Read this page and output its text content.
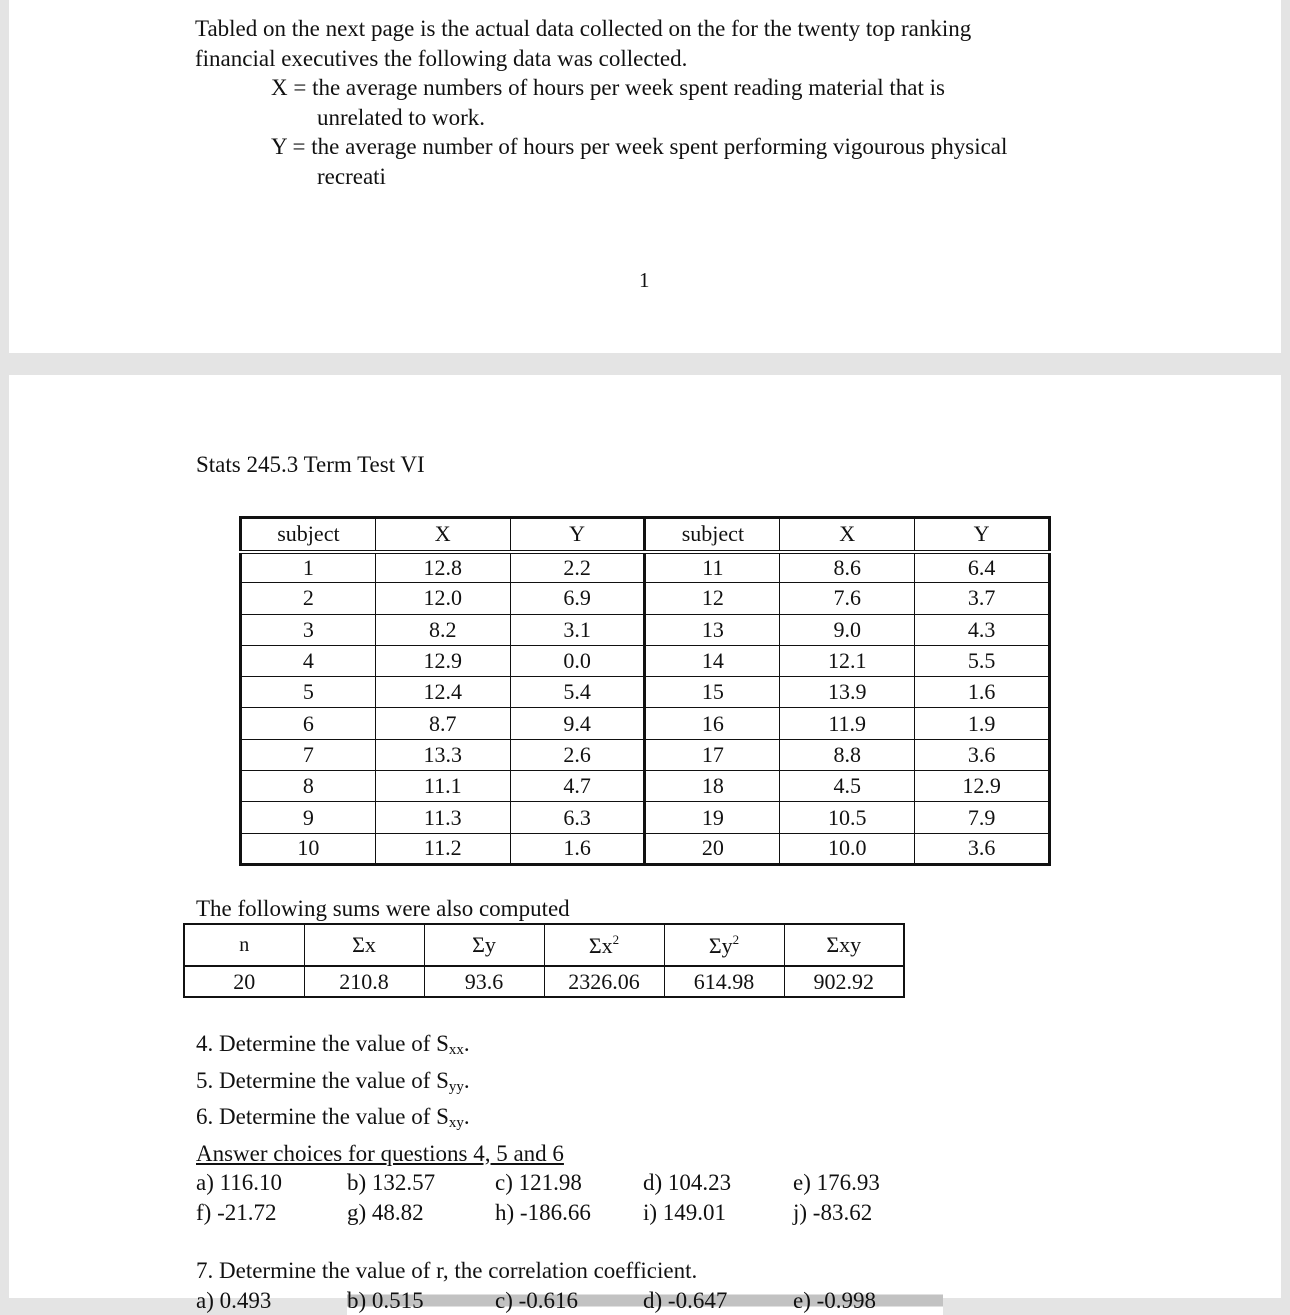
Tabled on the next page is the actual data collected on the for the twenty top ranking
financial executives the following data was collected.
X = the average numbers of hours per week spent reading material that is
unrelated to work.
Y = the average number of hours per week spent performing vigourous physical
recreati
1
Stats 245.3 Term Test VI
subject	X	Y	subject	X	Y
1	12.8	2.2	11	8.6	6.4
2	12.0	6.9	12	7.6	3.7
3	8.2	3.1	13	9.0	4.3
4	12.9	0.0	14	12.1	5.5
5	12.4	5.4	15	13.9	1.6
6	8.7	9.4	16	11.9	1.9
7	13.3	2.6	17	8.8	3.6
8	11.1	4.7	18	4.5	12.9
9	11.3	6.3	19	10.5	7.9
10	11.2	1.6	20	10.0	3.6
The following sums were also computed
n	Σx	Σy	$\Sigma x^2$	$\Sigma y^2$	Σxy
20	210.8	93.6	2326.06	614.98	902.92
4. Determine the value of $S_{xx}$.
5. Determine the value of $S_{yy}$.
6. Determine the value of $S_{xy}$.
Answer choices for questions 4, 5 and 6
a) 116.10	b) 132.57	c) 121.98	d) 104.23	e) 176.93
f) -21.72	g) 48.82	h) -186.66	i) 149.01	j) -83.62
7. Determine the value of r, the correlation coefficient.
a) 0.493	b) 0.515	c) -0.616	d) -0.647	e) -0.998
